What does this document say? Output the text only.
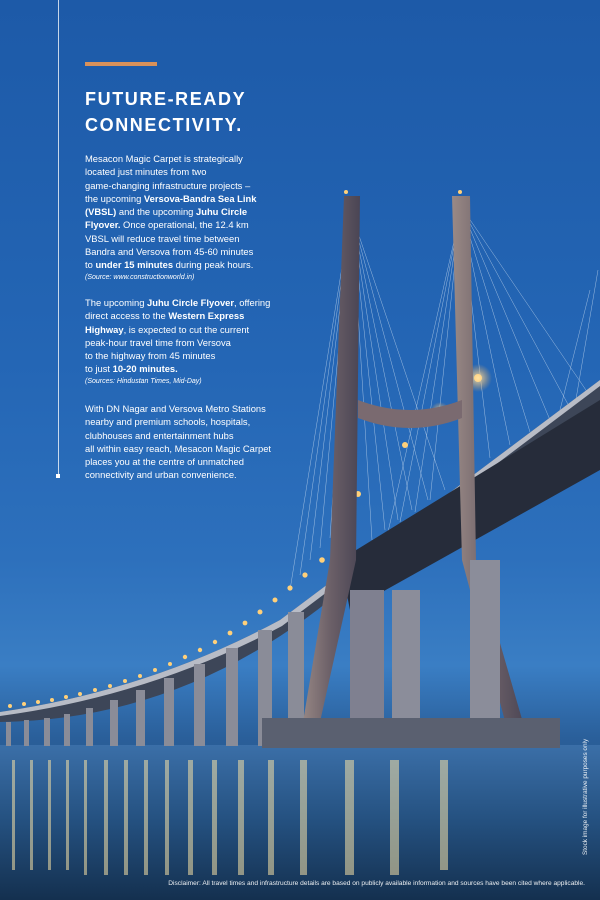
FUTURE-READY
CONNECTIVITY.

Mesacon Magic Carpet is strategically
located just minutes from two
game-changing infrastructure projects –
the upcoming Versova-Bandra Sea Link
(VBSL) and the upcoming Juhu Circle
Flyover. Once operational, the 12.4 km
VBSL will reduce travel time between
Bandra and Versova from 45-60 minutes
to under 15 minutes during peak hours.
(Source: www.constructionworld.in)

The upcoming Juhu Circle Flyover, offering
direct access to the Western Express
Highway, is expected to cut the current
peak-hour travel time from Versova
to the highway from 45 minutes
to just 10-20 minutes.
(Sources: Hindustan Times, Mid-Day)

With DN Nagar and Versova Metro Stations
nearby and premium schools, hospitals,
clubhouses and entertainment hubs
all within easy reach, Mesacon Magic Carpet
places you at the centre of unmatched
connectivity and urban convenience.

Stock image for illustrative purposes only
Disclaimer: All travel times and infrastructure details are based on publicly available information and sources have been cited where applicable.
